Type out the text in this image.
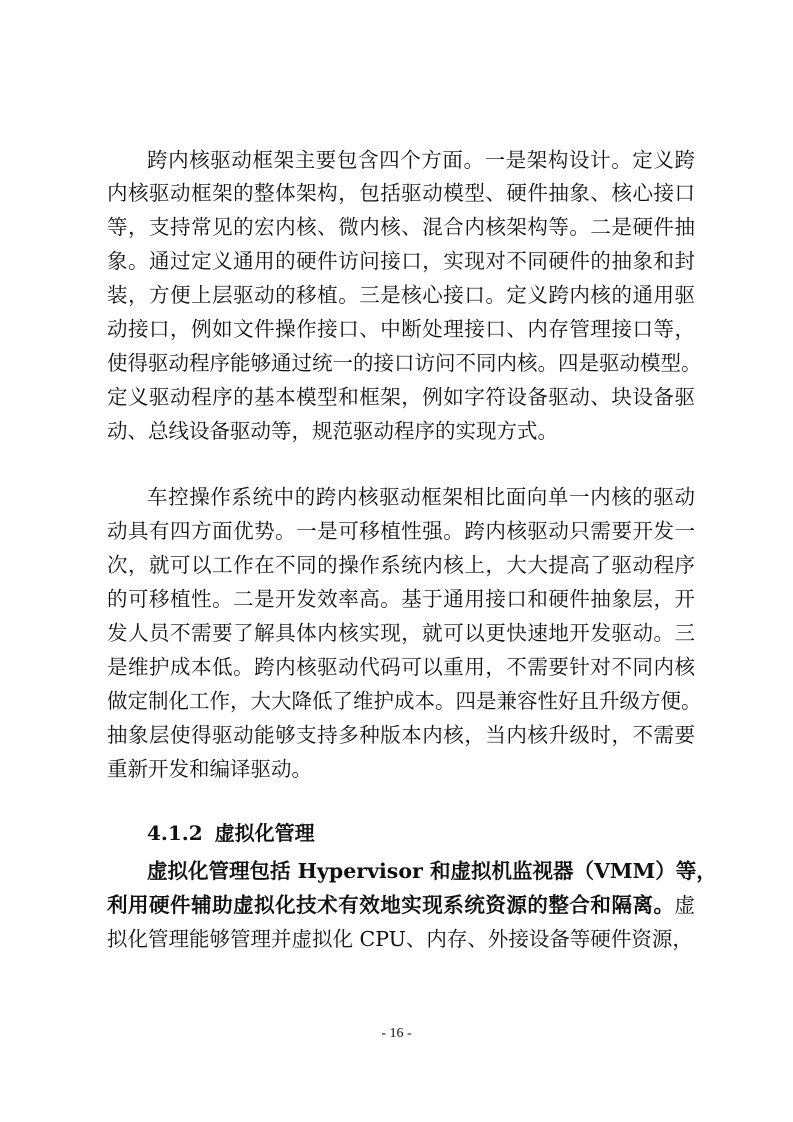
跨内核驱动框架主要包含四个方面。一是架构设计。定义跨
内核驱动框架的整体架构，包括驱动模型、硬件抽象、核心接口
等，支持常见的宏内核、微内核、混合内核架构等。二是硬件抽
象。通过定义通用的硬件访问接口，实现对不同硬件的抽象和封
装，方便上层驱动的移植。三是核心接口。定义跨内核的通用驱
动接口，例如文件操作接口、中断处理接口、内存管理接口等，
使得驱动程序能够通过统一的接口访问不同内核。四是驱动模型。
定义驱动程序的基本模型和框架，例如字符设备驱动、块设备驱
动、总线设备驱动等，规范驱动程序的实现方式。
车控操作系统中的跨内核驱动框架相比面向单一内核的驱动
动具有四方面优势。一是可移植性强。跨内核驱动只需要开发一
次，就可以工作在不同的操作系统内核上，大大提高了驱动程序
的可移植性。二是开发效率高。基于通用接口和硬件抽象层，开
发人员不需要了解具体内核实现，就可以更快速地开发驱动。三
是维护成本低。跨内核驱动代码可以重用，不需要针对不同内核
做定制化工作，大大降低了维护成本。四是兼容性好且升级方便。
抽象层使得驱动能够支持多种版本内核，当内核升级时，不需要
重新开发和编译驱动。
4.1.2 虚拟化管理
虚拟化管理包括 Hypervisor 和虚拟机监视器（VMM）等，
利用硬件辅助虚拟化技术有效地实现系统资源的整合和隔离。虚
拟化管理能够管理并虚拟化 CPU、内存、外接设备等硬件资源，
- 16 -
